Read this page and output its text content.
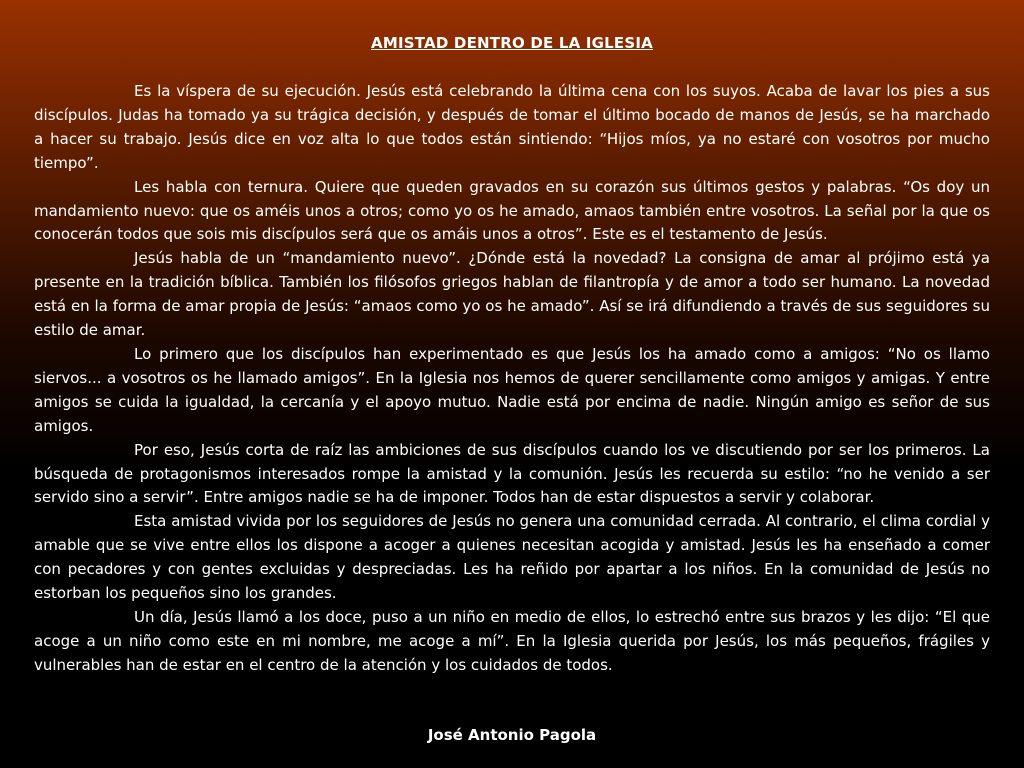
AMISTAD DENTRO DE LA IGLESIA

Es la víspera de su ejecución. Jesús está celebrando la última cena con los suyos. Acaba de lavar los pies a sus discípulos. Judas ha tomado ya su trágica decisión, y después de tomar el último bocado de manos de Jesús, se ha marchado a hacer su trabajo. Jesús dice en voz alta lo que todos están sintiendo: “Hijos míos, ya no estaré con vosotros por mucho tiempo”.

Les habla con ternura. Quiere que queden gravados en su corazón sus últimos gestos y palabras. “Os doy un mandamiento nuevo: que os améis unos a otros; como yo os he amado, amaos también entre vosotros. La señal por la que os conocerán todos que sois mis discípulos será que os amáis unos a otros”. Este es el testamento de Jesús.

Jesús habla de un “mandamiento nuevo”. ¿Dónde está la novedad? La consigna de amar al prójimo está ya presente en la tradición bíblica. También los filósofos griegos hablan de filantropía y de amor a todo ser humano. La novedad está en la forma de amar propia de Jesús: “amaos como yo os he amado”. Así se irá difundiendo a través de sus seguidores su estilo de amar.

Lo primero que los discípulos han experimentado es que Jesús los ha amado como a amigos: “No os llamo siervos... a vosotros os he llamado amigos”. En la Iglesia nos hemos de querer sencillamente como amigos y amigas. Y entre amigos se cuida la igualdad, la cercanía y el apoyo mutuo. Nadie está por encima de nadie. Ningún amigo es señor de sus amigos.

Por eso, Jesús corta de raíz las ambiciones de sus discípulos cuando los ve discutiendo por ser los primeros. La búsqueda de protagonismos interesados rompe la amistad y la comunión. Jesús les recuerda su estilo: “no he venido a ser servido sino a servir”. Entre amigos nadie se ha de imponer. Todos han de estar dispuestos a servir y colaborar.

Esta amistad vivida por los seguidores de Jesús no genera una comunidad cerrada. Al contrario, el clima cordial y amable que se vive entre ellos los dispone a acoger a quienes necesitan acogida y amistad. Jesús les ha enseñado a comer con pecadores y con gentes excluidas y despreciadas. Les ha reñido por apartar a los niños. En la comunidad de Jesús no estorban los pequeños sino los grandes.

Un día, Jesús llamó a los doce, puso a un niño en medio de ellos, lo estrechó entre sus brazos y les dijo: “El que acoge a un niño como este en mi nombre, me acoge a mí”. En la Iglesia querida por Jesús, los más pequeños, frágiles y vulnerables han de estar en el centro de la atención y los cuidados de todos.

José Antonio Pagola
